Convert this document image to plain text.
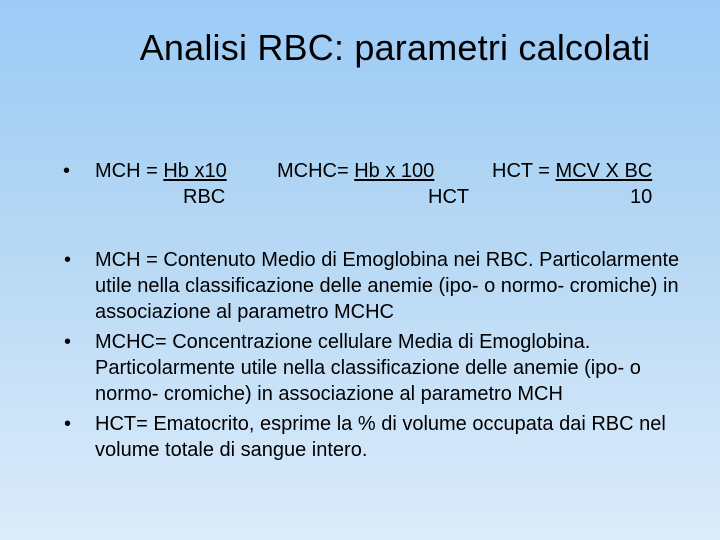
Analisi RBC: parametri calcolati
• MCH = Hb x10
RBC
MCHC= Hb x 100
HCT
HCT = MCV X BC
10
• MCH = Contenuto Medio di Emoglobina nei RBC. Particolarmente utile nella classificazione delle anemie (ipo- o normo- cromiche) in associazione al parametro MCHC
• MCHC= Concentrazione cellulare Media di Emoglobina. Particolarmente utile nella classificazione delle anemie (ipo- o normo- cromiche) in associazione al parametro MCH
• HCT= Ematocrito, esprime la % di volume occupata dai RBC nel volume totale di sangue intero.
